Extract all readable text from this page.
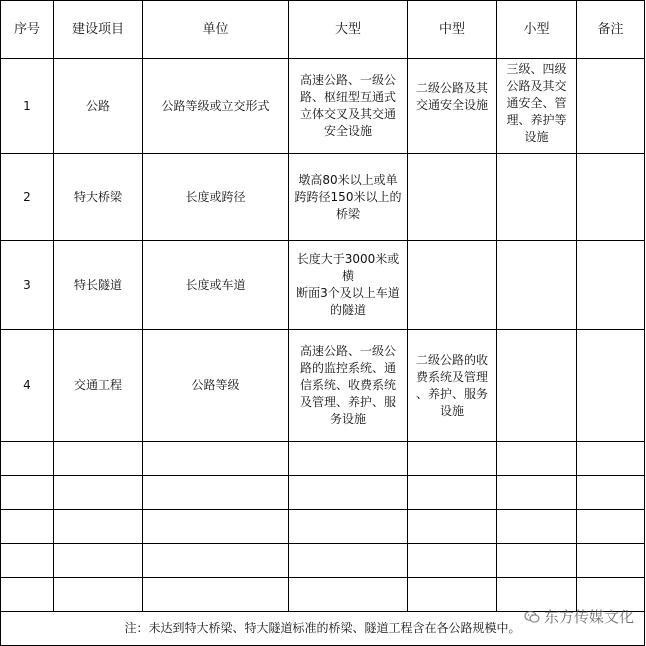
序号	建设项目	单位	大型	中型	小型	备注
1	公路	公路等级或立交形式	高速公路、一级公
路、枢纽型互通式
立体交叉及其交通
安全设施	二级公路及其
交通安全设施	三级、四级
公路及其交
通安全、管
理、养护等
设施	

2	特大桥梁	长度或跨径	墩高80米以上或单
跨跨径150米以上的
桥梁			

3	特长隧道	长度或车道	长度大于3000米或横
断面3个及以上车道
的隧道			

4	交通工程	公路等级	高速公路、一级公
路的监控系统、通
信系统、收费系统
及管理、养护、服
务设施	二级公路的收
费系统及管理
、养护、服务
设施		

注：未达到特大桥梁、特大隧道标准的桥梁、隧道工程含在各公路规模中。						
东方传媒文化
